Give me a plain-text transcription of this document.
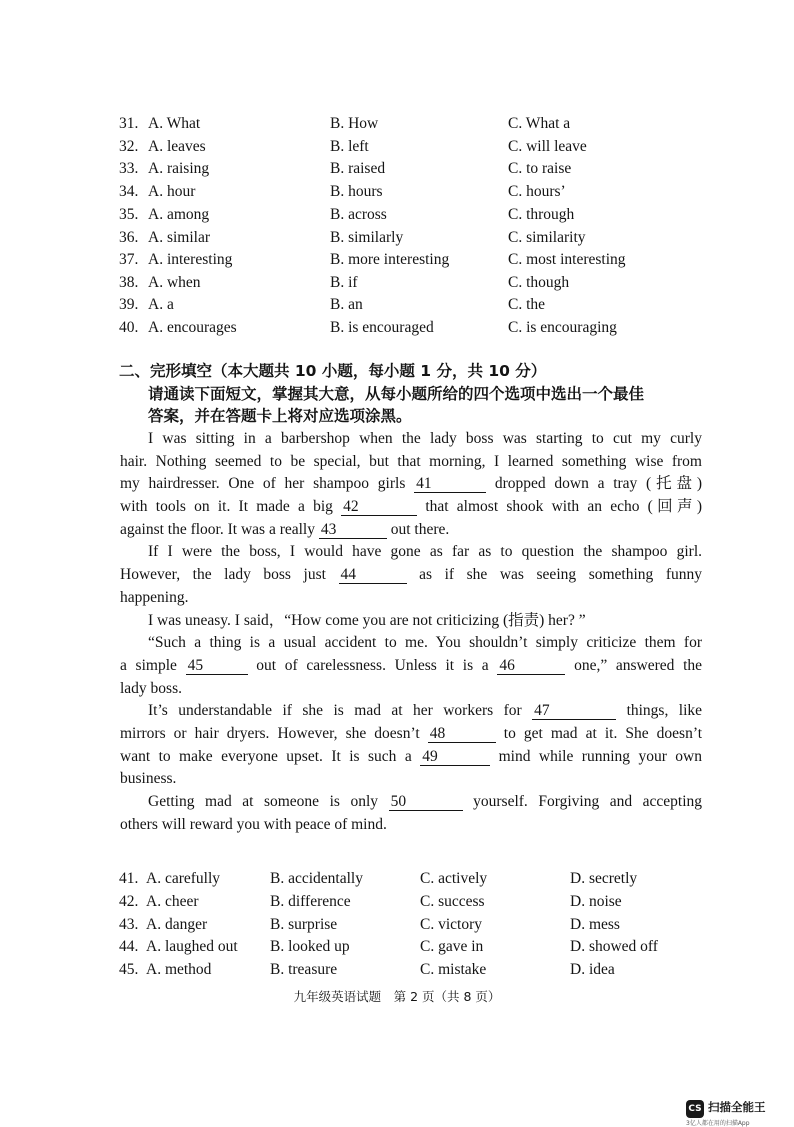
31. A. What	B. How	C. What a
32. A. leaves	B. left	C. will leave
33. A. raising	B. raised	C. to raise
34. A. hour	B. hours	C. hours’
35. A. among	B. across	C. through
36. A. similar	B. similarly	C. similarity
37. A. interesting	B. more interesting	C. most interesting
38. A. when	B. if	C. though
39. A. a	B. an	C. the
40. A. encourages	B. is encouraged	C. is encouraging
二、完形填空（本大题共 10 小题，每小题 1 分，共 10 分）
请通读下面短文，掌握其大意，从每小题所给的四个选项中选出一个最佳
答案，并在答题卡上将对应选项涂黑。
I was sitting in a barbershop when the lady boss was starting to cut my curly
hair. Nothing seemed to be special, but that morning, I learned something wise from
my hairdresser. One of her shampoo girls 41	dropped down a tray (托盘)
with tools on it. It made a big 42	that almost shook with an echo (回声)
against the floor. It was a really 43	out there.
If I were the boss, I would have gone as far as to question the shampoo girl.
However, the lady boss just 44	as if she was seeing something funny
happening.
I was uneasy. I said，“How come you are not criticizing (指责) her? ”
“Such a thing is a usual accident to me. You shouldn’t simply criticize them for
a simple 45	out of carelessness. Unless it is a 46	one,” answered the
lady boss.
It’s understandable if she is mad at her workers for 47	things, like
mirrors or hair dryers. However, she doesn’t 48	to get mad at it. She doesn’t
want to make everyone upset. It is such a 49	mind while running your own
business.
Getting mad at someone is only 50	yourself. Forgiving and accepting
others will reward you with peace of mind.
41. A. carefully	B. accidentally	C. actively	D. secretly
42. A. cheer	B. difference	C. success	D. noise
43. A. danger	B. surprise	C. victory	D. mess
44. A. laughed out B. looked up	C. gave in	D. showed off
45. A. method	B. treasure	C. mistake	D. idea
九年级英语试题　第 2 页（共 8 页）
CS 扫描全能王
3亿人都在用的扫描App
